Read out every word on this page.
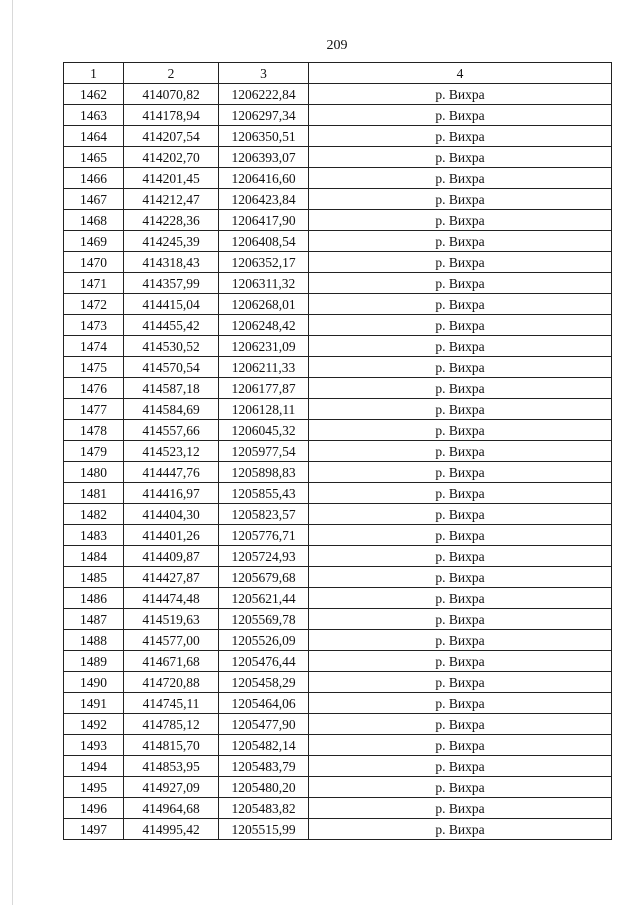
209
1	2	3	4
1462	414070,82	1206222,84	р. Вихра
1463	414178,94	1206297,34	р. Вихра
1464	414207,54	1206350,51	р. Вихра
1465	414202,70	1206393,07	р. Вихра
1466	414201,45	1206416,60	р. Вихра
1467	414212,47	1206423,84	р. Вихра
1468	414228,36	1206417,90	р. Вихра
1469	414245,39	1206408,54	р. Вихра
1470	414318,43	1206352,17	р. Вихра
1471	414357,99	1206311,32	р. Вихра
1472	414415,04	1206268,01	р. Вихра
1473	414455,42	1206248,42	р. Вихра
1474	414530,52	1206231,09	р. Вихра
1475	414570,54	1206211,33	р. Вихра
1476	414587,18	1206177,87	р. Вихра
1477	414584,69	1206128,11	р. Вихра
1478	414557,66	1206045,32	р. Вихра
1479	414523,12	1205977,54	р. Вихра
1480	414447,76	1205898,83	р. Вихра
1481	414416,97	1205855,43	р. Вихра
1482	414404,30	1205823,57	р. Вихра
1483	414401,26	1205776,71	р. Вихра
1484	414409,87	1205724,93	р. Вихра
1485	414427,87	1205679,68	р. Вихра
1486	414474,48	1205621,44	р. Вихра
1487	414519,63	1205569,78	р. Вихра
1488	414577,00	1205526,09	р. Вихра
1489	414671,68	1205476,44	р. Вихра
1490	414720,88	1205458,29	р. Вихра
1491	414745,11	1205464,06	р. Вихра
1492	414785,12	1205477,90	р. Вихра
1493	414815,70	1205482,14	р. Вихра
1494	414853,95	1205483,79	р. Вихра
1495	414927,09	1205480,20	р. Вихра
1496	414964,68	1205483,82	р. Вихра
1497	414995,42	1205515,99	р. Вихра
